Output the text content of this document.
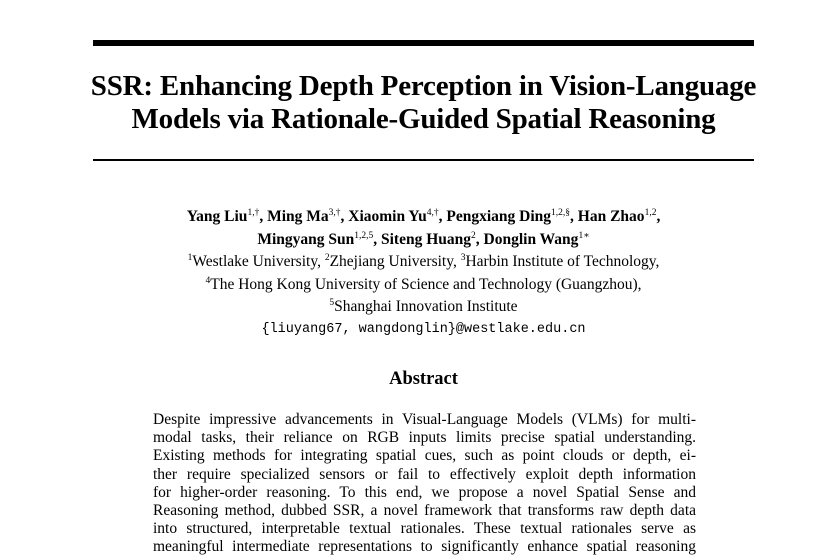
SSR: Enhancing Depth Perception in Vision-Language
Models via Rationale-Guided Spatial Reasoning
Yang Liu$^{1,\dagger}$, Ming $Ma^{3,\dagger}$, Xiaomin $Yu^{4,\dagger}$, Pengxiang Ding$^{1,2,\S}$, Han Zhao$^{1,2}$,
Mingyang Sun$^{1,2,5}$, Siteng Huang$^2$, Donglin Wang$^{1∗}$
$^1$Westlake University, $^2$Zhejiang University, $^3$Harbin Institute of Technology,
$^4$The Hong Kong University of Science and Technology (Guangzhou),
$^5$Shanghai Innovation Institute
{liuyang67, wangdonglin}@westlake.edu.cn
Abstract
Despite impressive advancements in Visual-Language Models (VLMs) for multi-
modal tasks, their reliance on RGB inputs limits precise spatial understanding.
Existing methods for integrating spatial cues, such as point clouds or depth, ei-
ther require specialized sensors or fail to effectively exploit depth information
for higher-order reasoning. To this end, we propose a novel Spatial Sense and
Reasoning method, dubbed SSR, a novel framework that transforms raw depth data
into structured, interpretable textual rationales. These textual rationales serve as
meaningful intermediate representations to significantly enhance spatial reasoning
